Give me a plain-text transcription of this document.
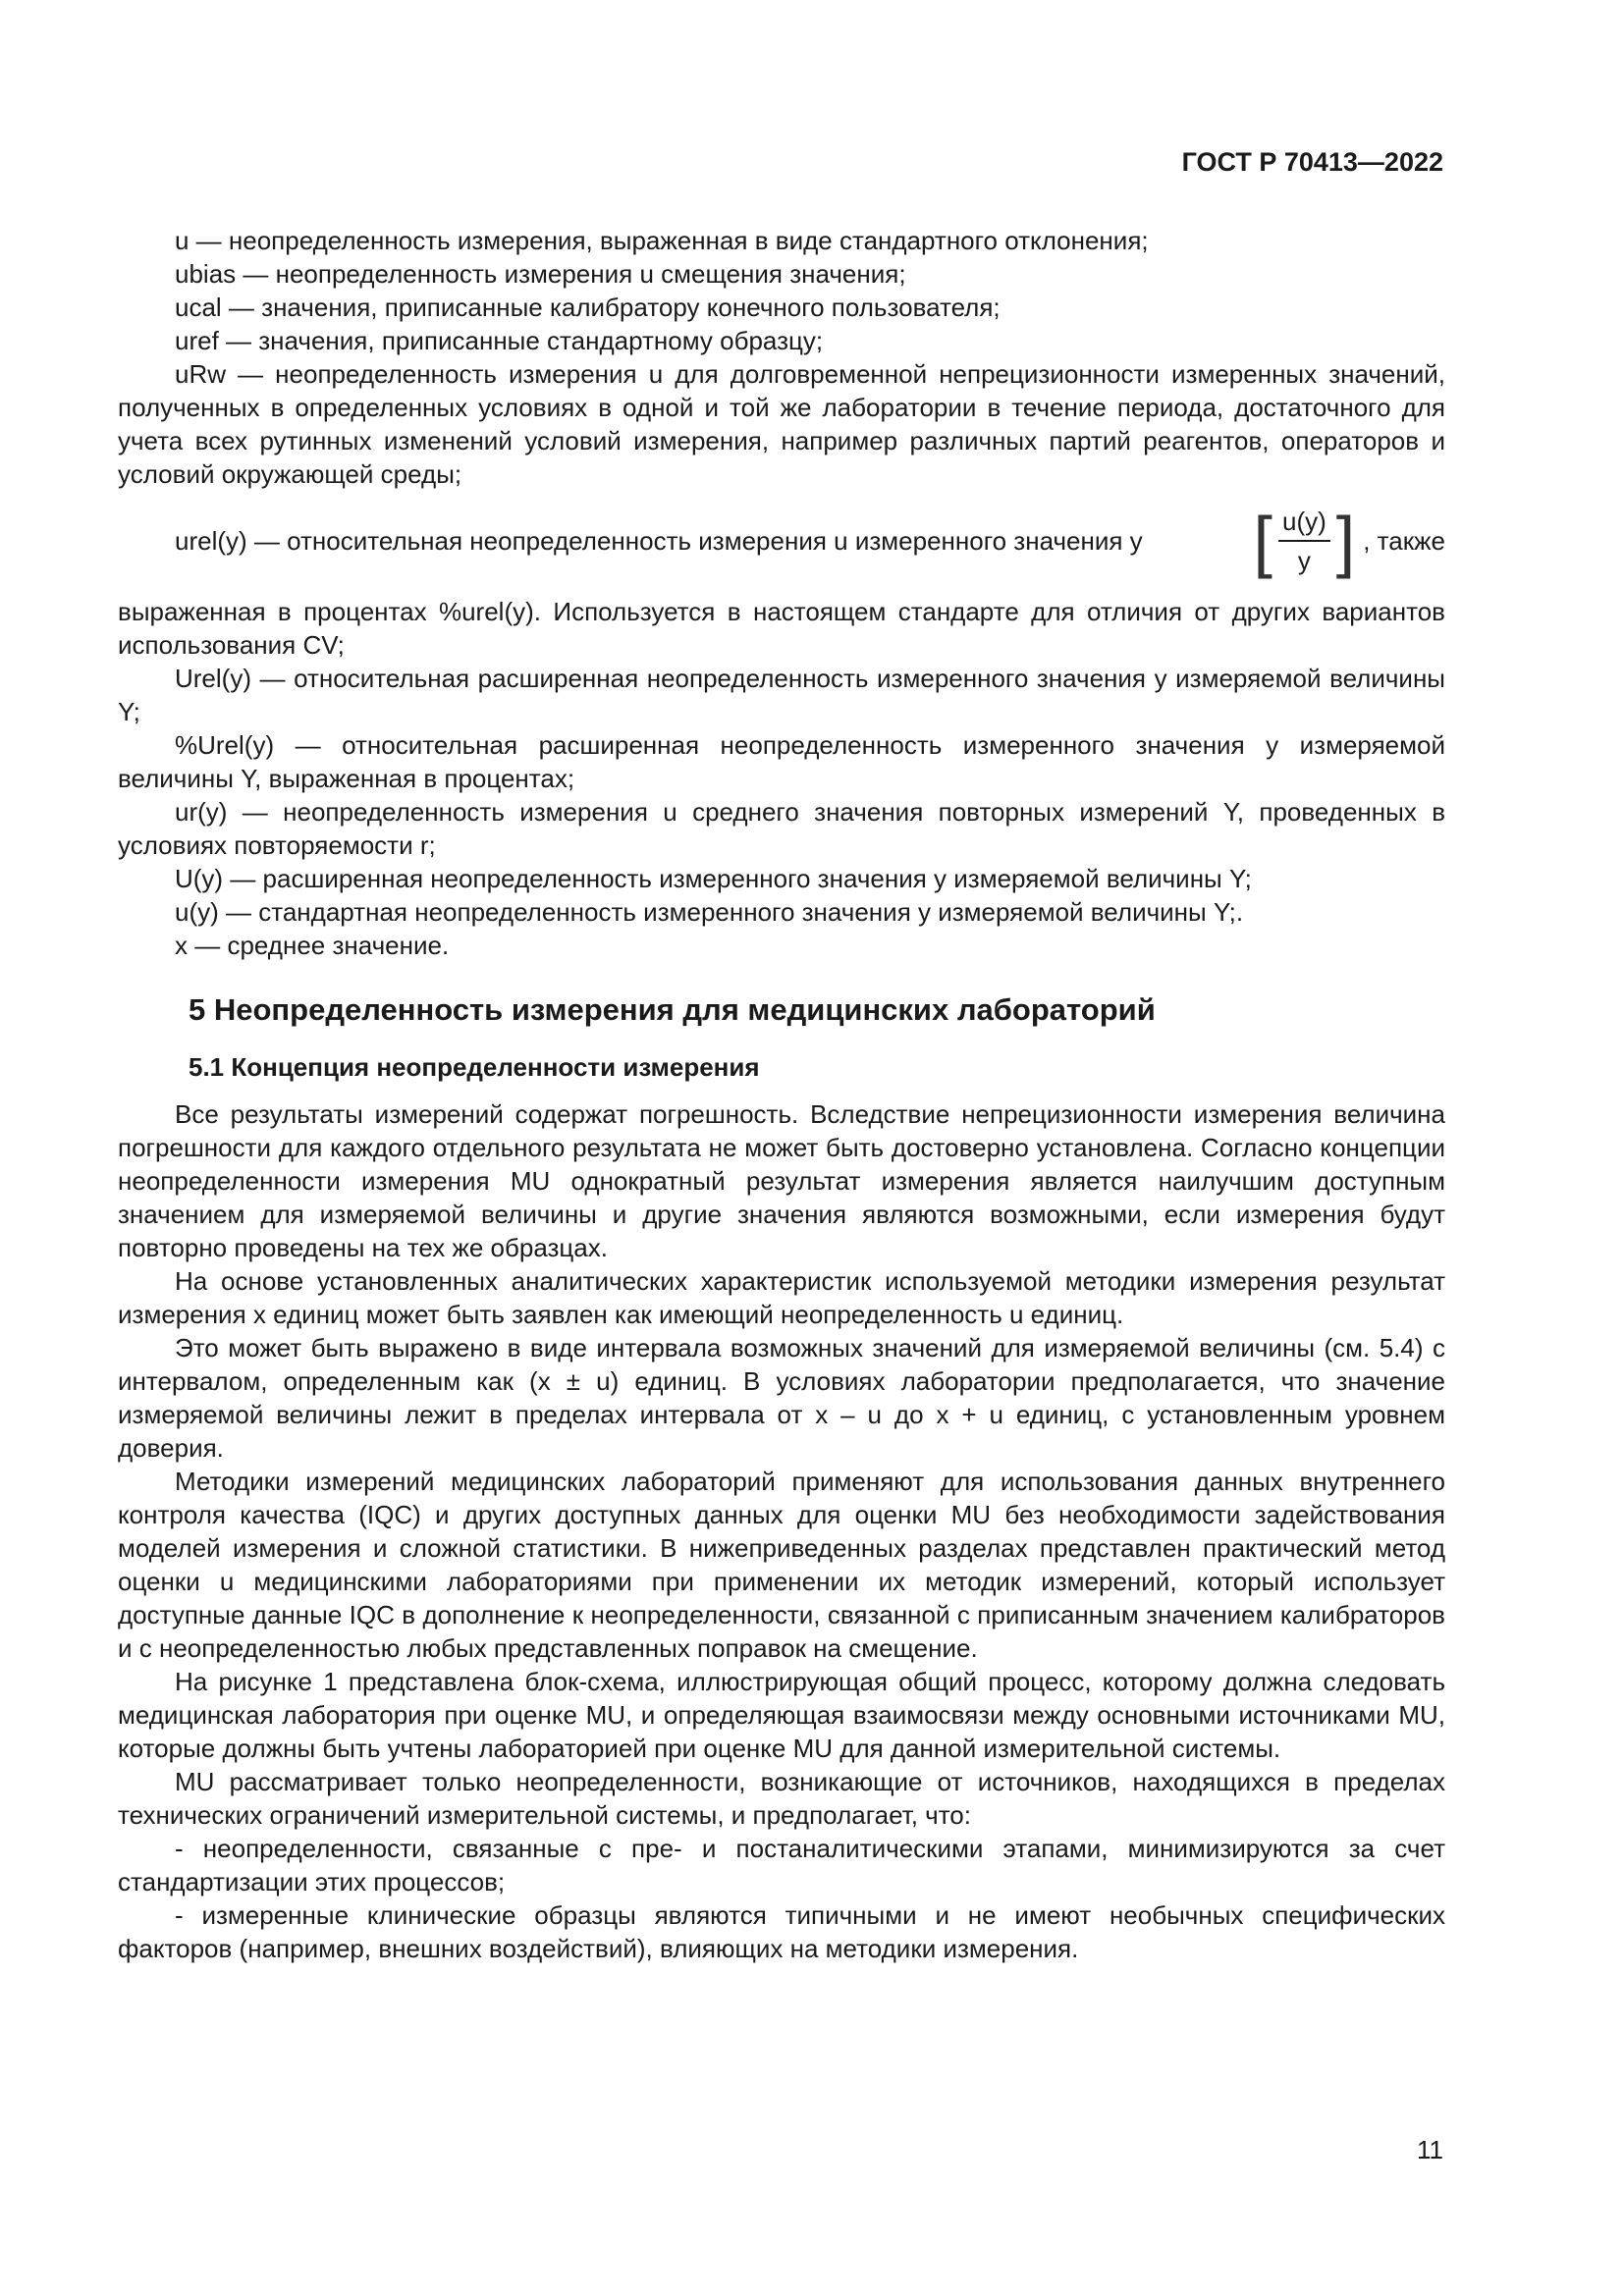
ГОСТ Р 70413—2022

u — неопределенность измерения, выраженная в виде стандартного отклонения;

ubias — неопределенность измерения u смещения значения;

ucal — значения, приписанные калибратору конечного пользователя;

uref — значения, приписанные стандартному образцу;

uRw — неопределенность измерения u для долговременной непрецизионности измеренных значений, полученных в определенных условиях в одной и той же лаборатории в течение периода, достаточного для учета всех рутинных изменений условий измерения, например различных партий реагентов, операторов и условий окружающей среды;

urel(y) — относительная неопределенность измерения u измеренного значения y [ $\frac{u(y)}{y}$ ] , также

выраженная в процентах %urel(y). Используется в настоящем стандарте для отличия от других вариантов использования CV;

Urel(y) — относительная расширенная неопределенность измеренного значения y измеряемой величины Y;

%Urel(y) — относительная расширенная неопределенность измеренного значения y измеряемой величины Y, выраженная в процентах;

ur(y) — неопределенность измерения u среднего значения повторных измерений Y, проведенных в условиях повторяемости r;

U(y) — расширенная неопределенность измеренного значения y измеряемой величины Y;

u(y) — стандартная неопределенность измеренного значения y измеряемой величины Y;.

x — среднее значение.

5 Неопределенность измерения для медицинских лабораторий
5.1 Концепция неопределенности измерения

Все результаты измерений содержат погрешность. Вследствие непрецизионности измерения величина погрешности для каждого отдельного результата не может быть достоверно установлена. Согласно концепции неопределенности измерения MU однократный результат измерения является наилучшим доступным значением для измеряемой величины и другие значения являются возможными, если измерения будут повторно проведены на тех же образцах.

На основе установленных аналитических характеристик используемой методики измерения результат измерения x единиц может быть заявлен как имеющий неопределенность u единиц.

Это может быть выражено в виде интервала возможных значений для измеряемой величины (см. 5.4) с интервалом, определенным как (x ± u) единиц. В условиях лаборатории предполагается, что значение измеряемой величины лежит в пределах интервала от x – u до x + u единиц, с установленным уровнем доверия.

Методики измерений медицинских лабораторий применяют для использования данных внутреннего контроля качества (IQC) и других доступных данных для оценки MU без необходимости задействования моделей измерения и сложной статистики. В нижеприведенных разделах представлен практический метод оценки u медицинскими лабораториями при применении их методик измерений, который использует доступные данные IQC в дополнение к неопределенности, связанной с приписанным значением калибраторов и с неопределенностью любых представленных поправок на смещение.

На рисунке 1 представлена блок-схема, иллюстрирующая общий процесс, которому должна следовать медицинская лаборатория при оценке MU, и определяющая взаимосвязи между основными источниками MU, которые должны быть учтены лабораторией при оценке MU для данной измерительной системы.

MU рассматривает только неопределенности, возникающие от источников, находящихся в пределах технических ограничений измерительной системы, и предполагает, что:

- неопределенности, связанные с пре- и постаналитическими этапами, минимизируются за счет стандартизации этих процессов;

- измеренные клинические образцы являются типичными и не имеют необычных специфических факторов (например, внешних воздействий), влияющих на методики измерения.

11
